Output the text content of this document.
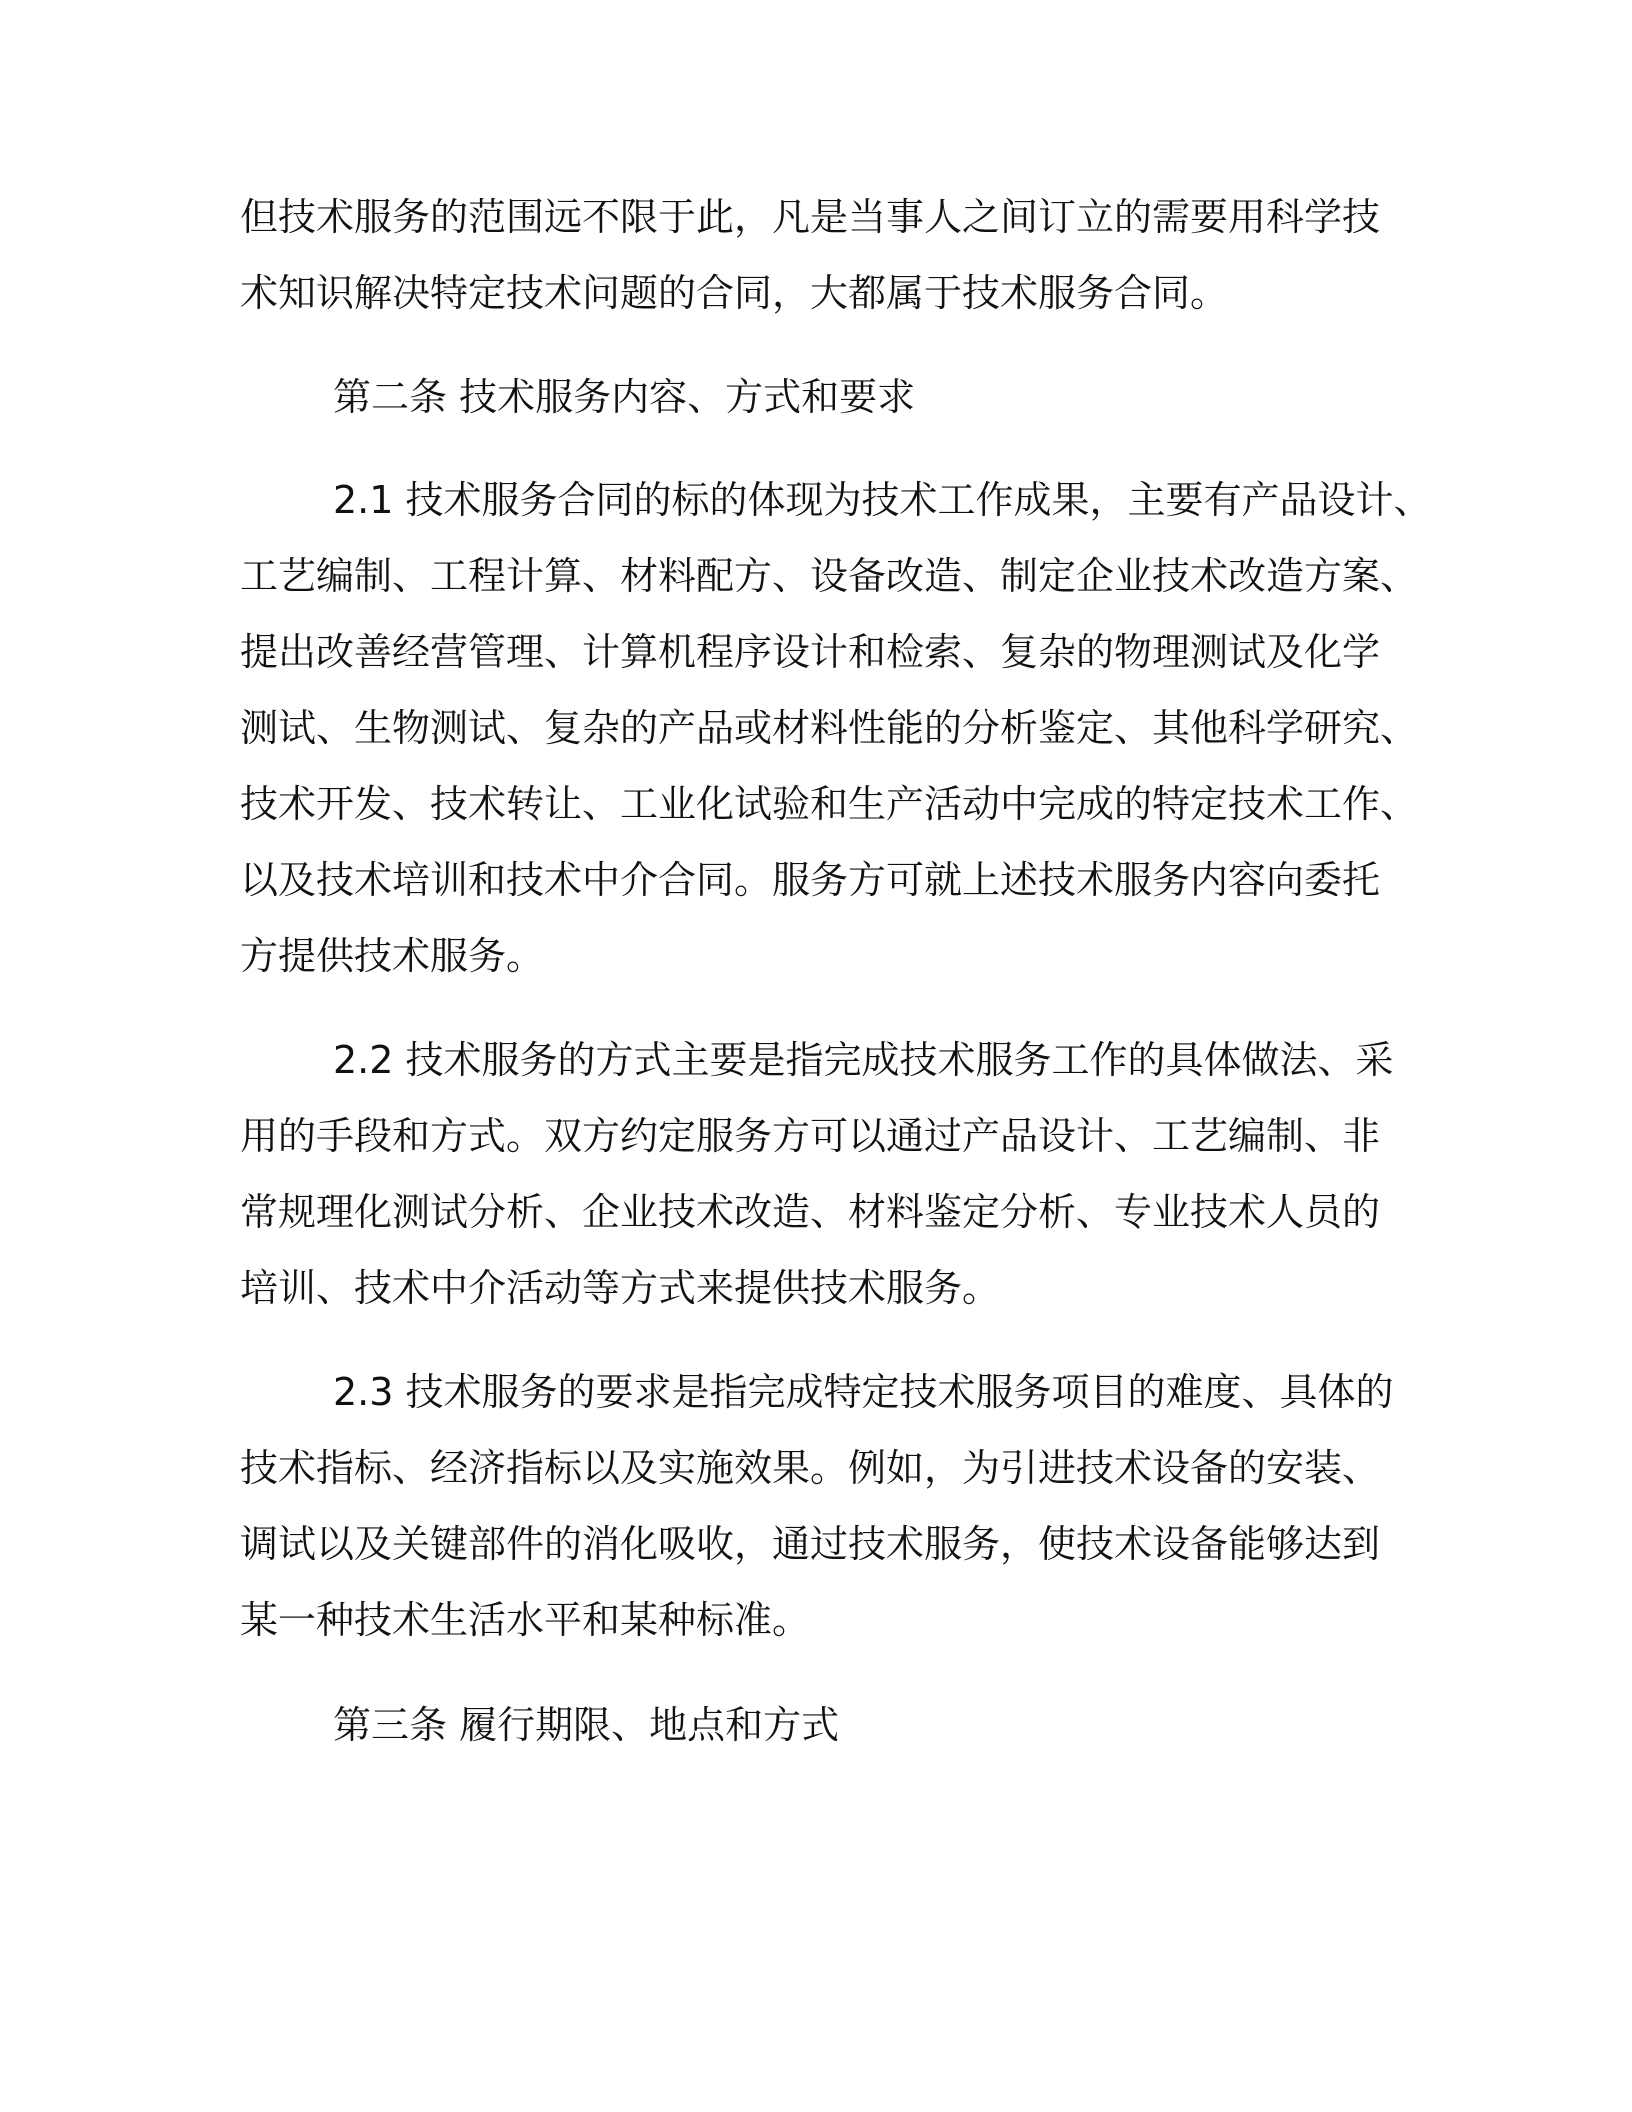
但技术服务的范围远不限于此，凡是当事人之间订立的需要用科学技
术知识解决特定技术问题的合同，大都属于技术服务合同。
第二条 技术服务内容、方式和要求
2.1 技术服务合同的标的体现为技术工作成果，主要有产品设计、
工艺编制、工程计算、材料配方、设备改造、制定企业技术改造方案、
提出改善经营管理、计算机程序设计和检索、复杂的物理测试及化学
测试、生物测试、复杂的产品或材料性能的分析鉴定、其他科学研究、
技术开发、技术转让、工业化试验和生产活动中完成的特定技术工作、
以及技术培训和技术中介合同。服务方可就上述技术服务内容向委托
方提供技术服务。
2.2 技术服务的方式主要是指完成技术服务工作的具体做法、采
用的手段和方式。双方约定服务方可以通过产品设计、工艺编制、非
常规理化测试分析、企业技术改造、材料鉴定分析、专业技术人员的
培训、技术中介活动等方式来提供技术服务。
2.3 技术服务的要求是指完成特定技术服务项目的难度、具体的
技术指标、经济指标以及实施效果。例如，为引进技术设备的安装、
调试以及关键部件的消化吸收，通过技术服务，使技术设备能够达到
某一种技术生活水平和某种标准。
第三条 履行期限、地点和方式
